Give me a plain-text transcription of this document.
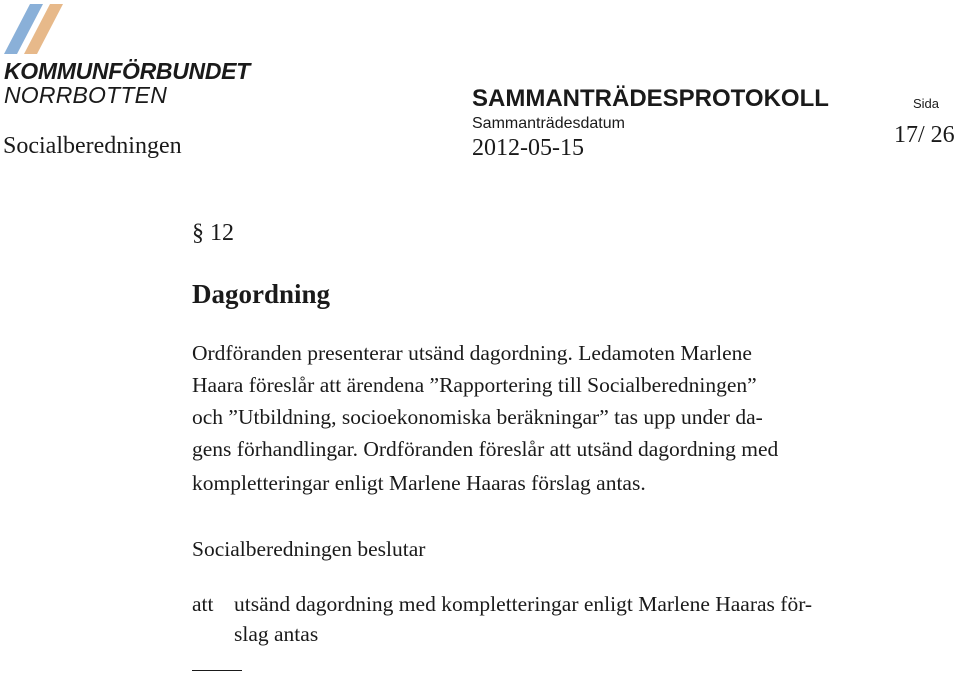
KOMMUNFÖRBUNDET
NORRBOTTEN
Socialberedningen
SAMMANTRÄDESPROTOKOLL
Sammanträdesdatum
2012-05-15
Sida
17/ 26
§ 12
Dagordning
Ordföranden presenterar utsänd dagordning. Ledamoten Marlene
Haara föreslår att ärendena ”Rapportering till Socialberedningen”
och ”Utbildning, socioekonomiska beräkningar” tas upp under da-
gens förhandlingar. Ordföranden föreslår att utsänd dagordning med
kompletteringar enligt Marlene Haaras förslag antas.
Socialberedningen beslutar
att utsänd dagordning med kompletteringar enligt Marlene Haaras för-
slag antas
